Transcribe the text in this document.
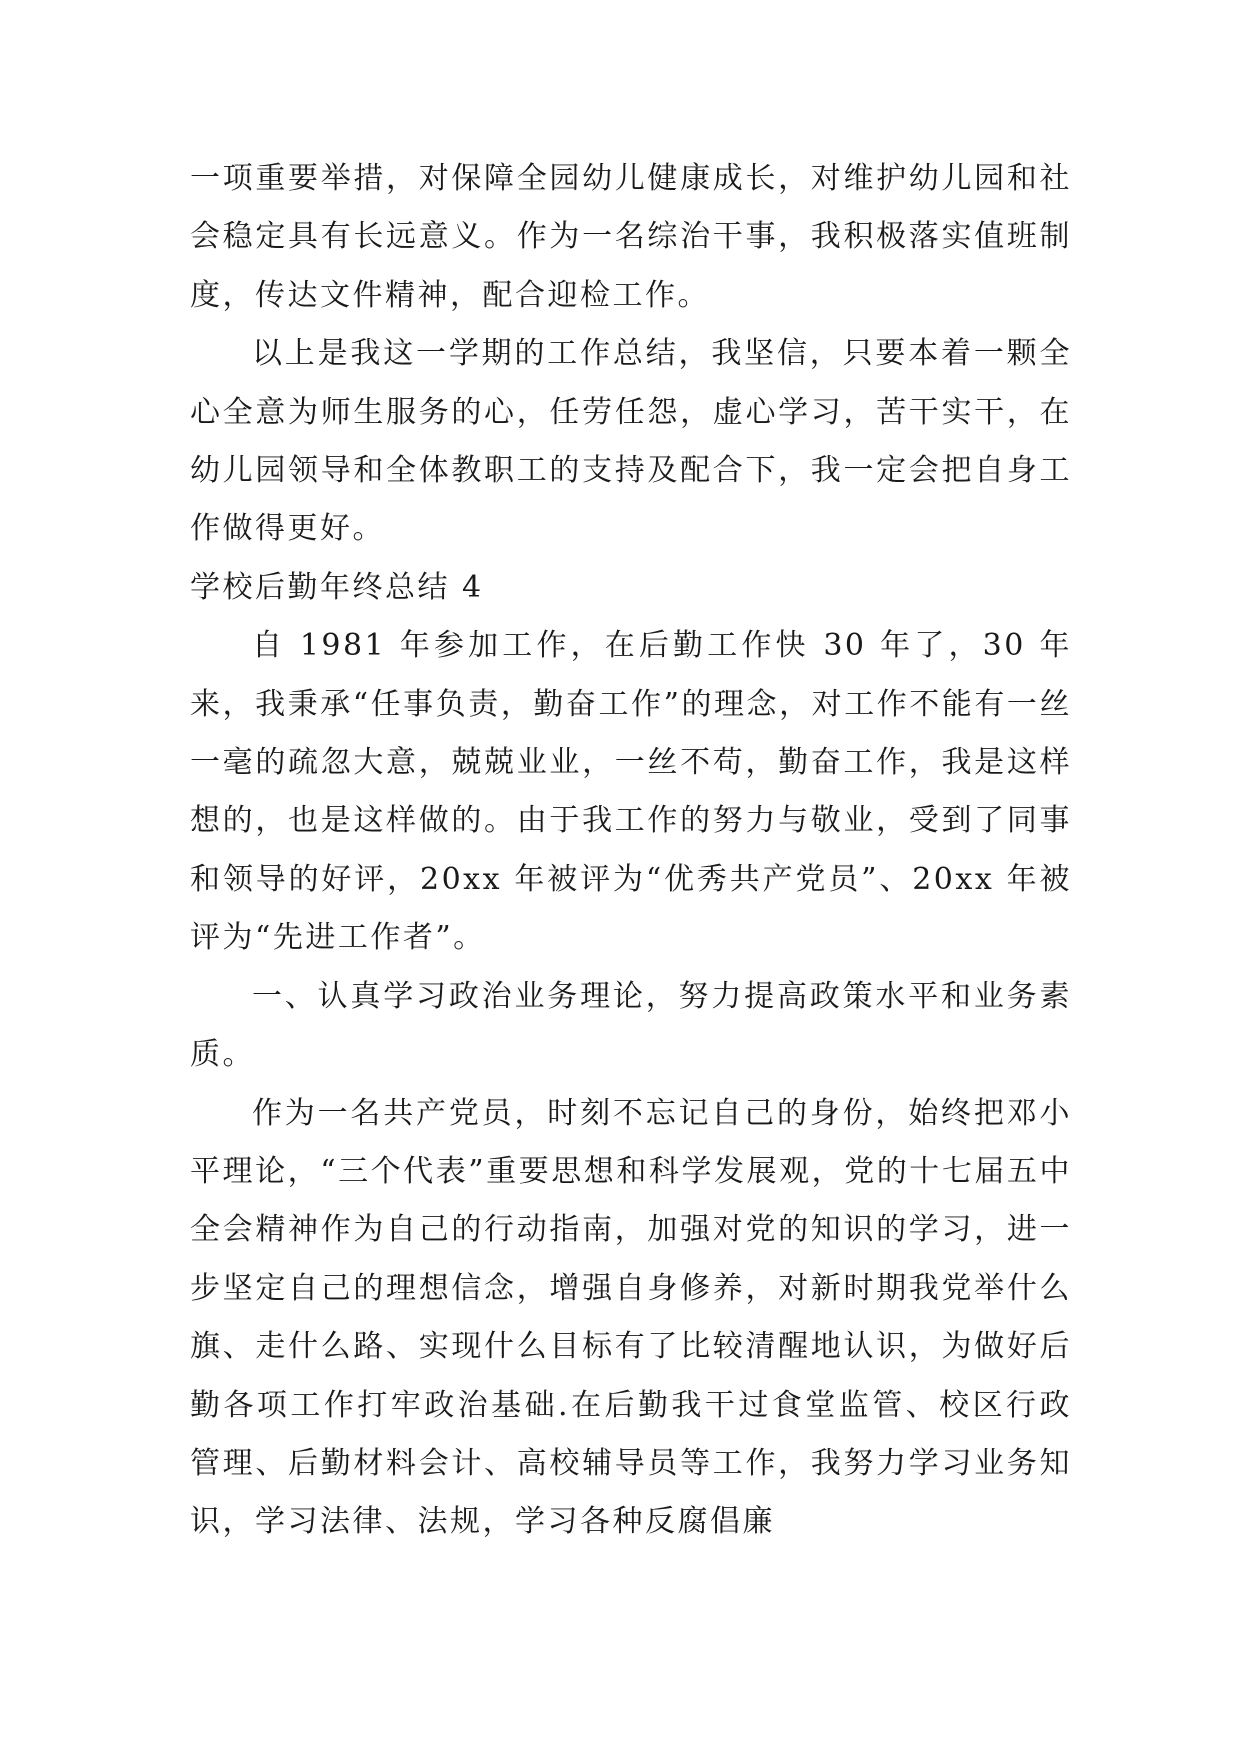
一项重要举措，对保障全园幼儿健康成长，对维护幼儿园和社会稳定具有长远意义。作为一名综治干事，我积极落实值班制度，传达文件精神，配合迎检工作。

以上是我这一学期的工作总结，我坚信，只要本着一颗全心全意为师生服务的心，任劳任怨，虚心学习，苦干实干，在幼儿园领导和全体教职工的支持及配合下，我一定会把自身工作做得更好。

学校后勤年终总结 4

自 1981 年参加工作，在后勤工作快 30 年了，30 年来，我秉承“任事负责，勤奋工作”的理念，对工作不能有一丝一毫的疏忽大意，兢兢业业，一丝不苟，勤奋工作，我是这样想的，也是这样做的。由于我工作的努力与敬业，受到了同事和领导的好评，20xx 年被评为“优秀共产党员”、20xx 年被评为“先进工作者”。

一、认真学习政治业务理论，努力提高政策水平和业务素质。

作为一名共产党员，时刻不忘记自己的身份，始终把邓小平理论，“三个代表”重要思想和科学发展观，党的十七届五中全会精神作为自己的行动指南，加强对党的知识的学习，进一步坚定自己的理想信念，增强自身修养，对新时期我党举什么旗、走什么路、实现什么目标有了比较清醒地认识，为做好后勤各项工作打牢政治基础.在后勤我干过食堂监管、校区行政管理、后勤材料会计、高校辅导员等工作，我努力学习业务知识，学习法律、法规，学习各种反腐倡廉
